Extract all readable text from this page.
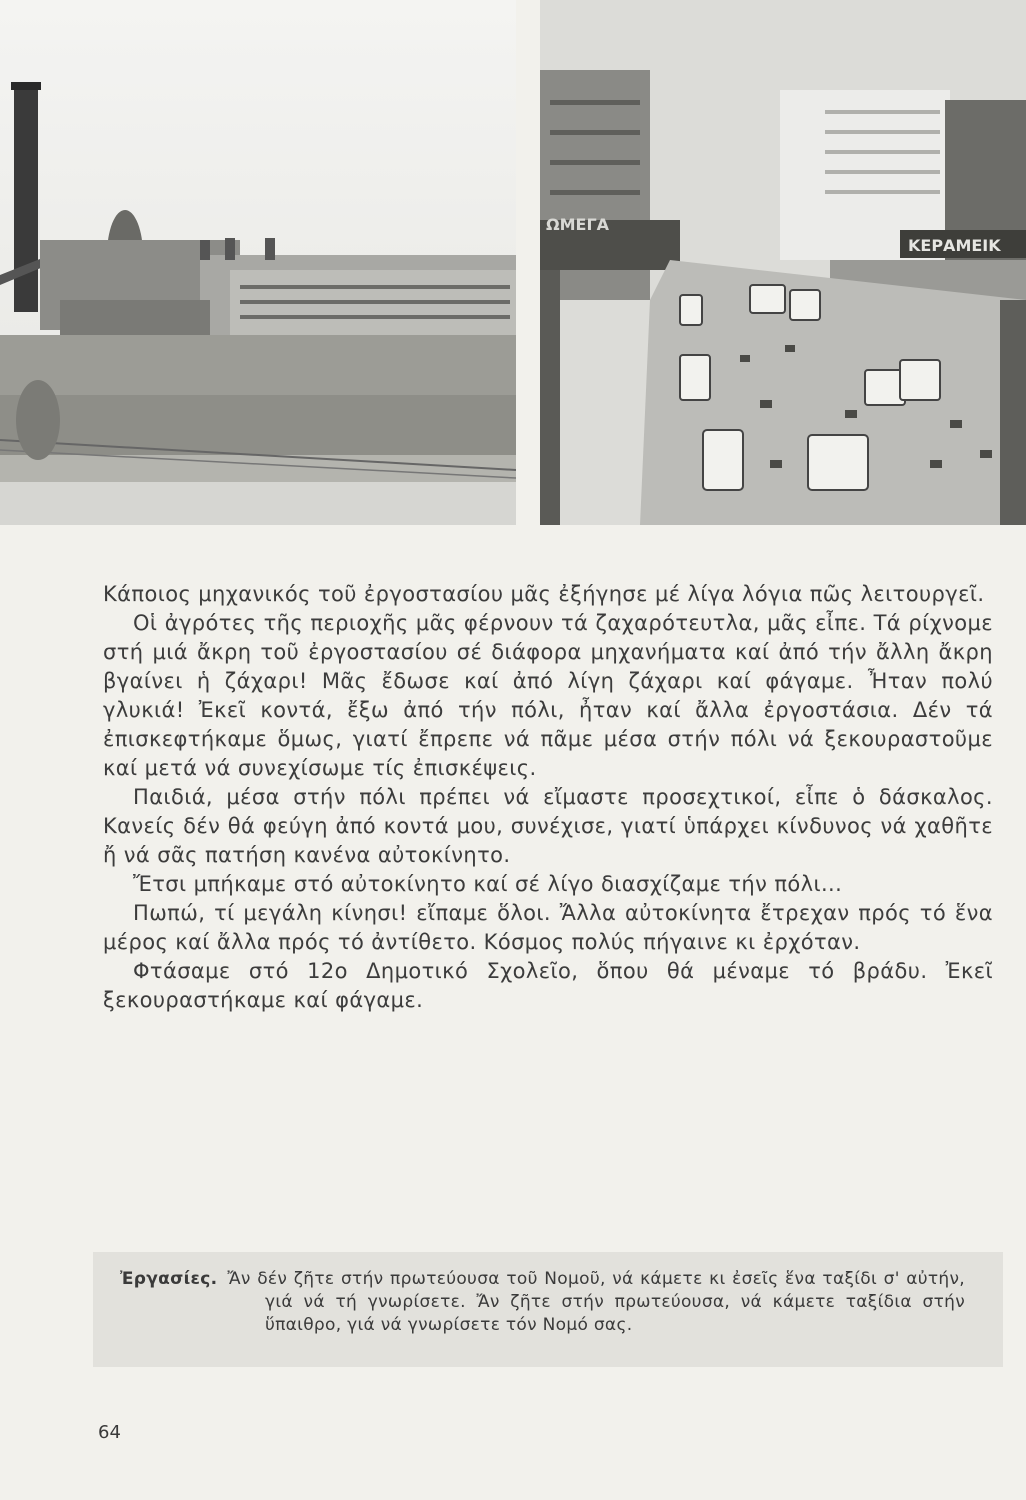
ΩΜΕΓΑ
ΚΕΡΑΜΕΙΚ

Κάποιος μηχανικός τοῦ ἐργοστασίου μᾶς ἐξήγησε μέ λίγα λόγια πῶς λειτουργεῖ.

Οἱ ἀγρότες τῆς περιοχῆς μᾶς φέρνουν τά ζαχαρότευτλα, μᾶς εἶπε. Τά ρίχνομε στή μιά ἄκρη τοῦ ἐργοστασίου σέ διάφορα μηχανήματα καί ἀπό τήν ἄλλη ἄκρη βγαίνει ἡ ζάχαρι! Μᾶς ἔδωσε καί ἀπό λίγη ζάχαρι καί φάγαμε. Ἦταν πολύ γλυκιά! Ἐκεῖ κοντά, ἔξω ἀπό τήν πόλι, ἦταν καί ἄλλα ἐργοστάσια. Δέν τά ἐπισκεφτήκαμε ὅμως, γιατί ἔπρεπε νά πᾶμε μέσα στήν πόλι νά ξεκουραστοῦμε καί μετά νά συνεχίσωμε τίς ἐπισκέψεις.

Παιδιά, μέσα στήν πόλι πρέπει νά εἴμαστε προσεχτικοί, εἶπε ὁ δάσκαλος. Κανείς δέν θά φεύγη ἀπό κοντά μου, συνέχισε, γιατί ὑπάρχει κίνδυνος νά χαθῆτε ἤ νά σᾶς πατήση κανένα αὐτοκίνητο.

Ἔτσι μπήκαμε στό αὐτοκίνητο καί σέ λίγο διασχίζαμε τήν πόλι...

Πωπώ, τί μεγάλη κίνησι! εἴπαμε ὅλοι. Ἄλλα αὐτοκίνητα ἔτρεχαν πρός τό ἕνα μέρος καί ἄλλα πρός τό ἀντίθετο. Κόσμος πολύς πήγαινε κι ἐρχόταν.

Φτάσαμε στό 12ο Δημοτικό Σχολεῖο, ὅπου θά μέναμε τό βράδυ. Ἐκεῖ ξεκουραστήκαμε καί φάγαμε.

Ἐργασίες. Ἄν δέν ζῆτε στήν πρωτεύουσα τοῦ Νομοῦ, νά κάμετε κι ἐσεῖς ἕνα ταξίδι σ' αὐτήν, γιά νά τή γνωρίσετε. Ἄν ζῆτε στήν πρωτεύουσα, νά κάμετε ταξίδια στήν ὕπαιθρο, γιά νά γνωρίσετε τόν Νομό σας.
64
